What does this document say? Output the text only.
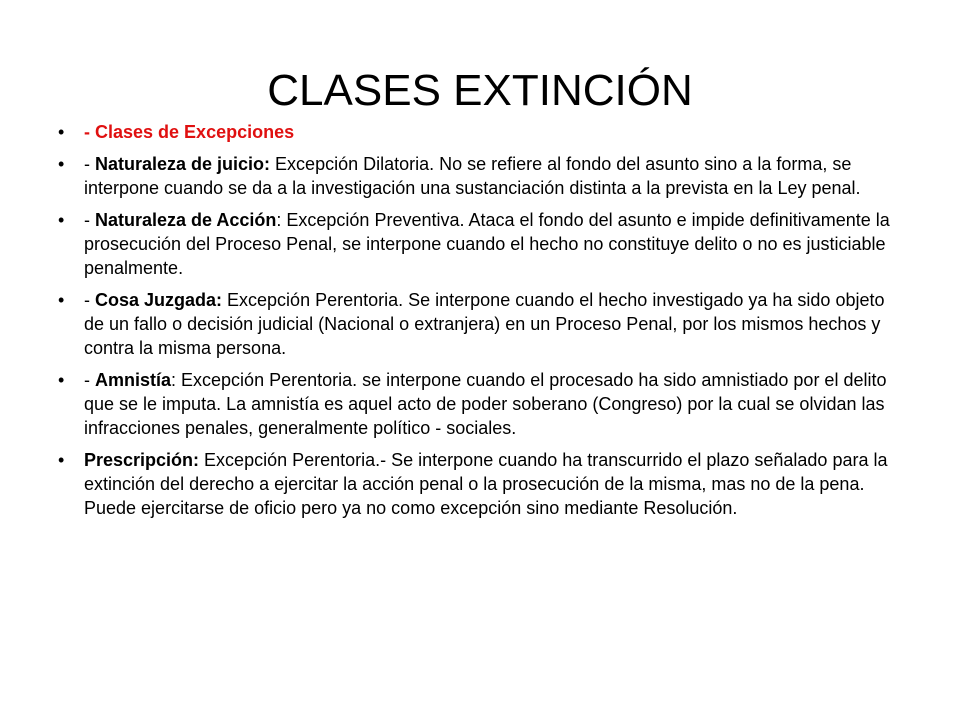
CLASES EXTINCIÓN
•	- Clases de Excepciones
•	- Naturaleza de juicio: Excepción Dilatoria. No se refiere al fondo del asunto sino a la forma, se interpone cuando se da a la investigación una sustanciación distinta a la prevista en la Ley penal.
•	- Naturaleza de Acción: Excepción Preventiva. Ataca el fondo del asunto e impide definitivamente la prosecución del Proceso Penal, se interpone cuando el hecho no constituye delito o no es justiciable penalmente.
•	- Cosa Juzgada: Excepción Perentoria. Se interpone cuando el hecho investigado ya ha sido objeto de un fallo o decisión judicial (Nacional o extranjera) en un Proceso Penal, por los mismos hechos y contra la misma persona.
•	- Amnistía: Excepción Perentoria. se interpone cuando el procesado ha sido amnistiado por el delito que se le imputa. La amnistía es aquel acto de poder soberano (Congreso) por la cual se olvidan las infracciones penales, generalmente político - sociales.
•	Prescripción: Excepción Perentoria.- Se interpone cuando ha transcurrido el plazo señalado para la extinción del derecho a ejercitar la acción penal o la prosecución de la misma, mas no de la pena. Puede ejercitarse de oficio pero ya no como excepción sino mediante Resolución.
